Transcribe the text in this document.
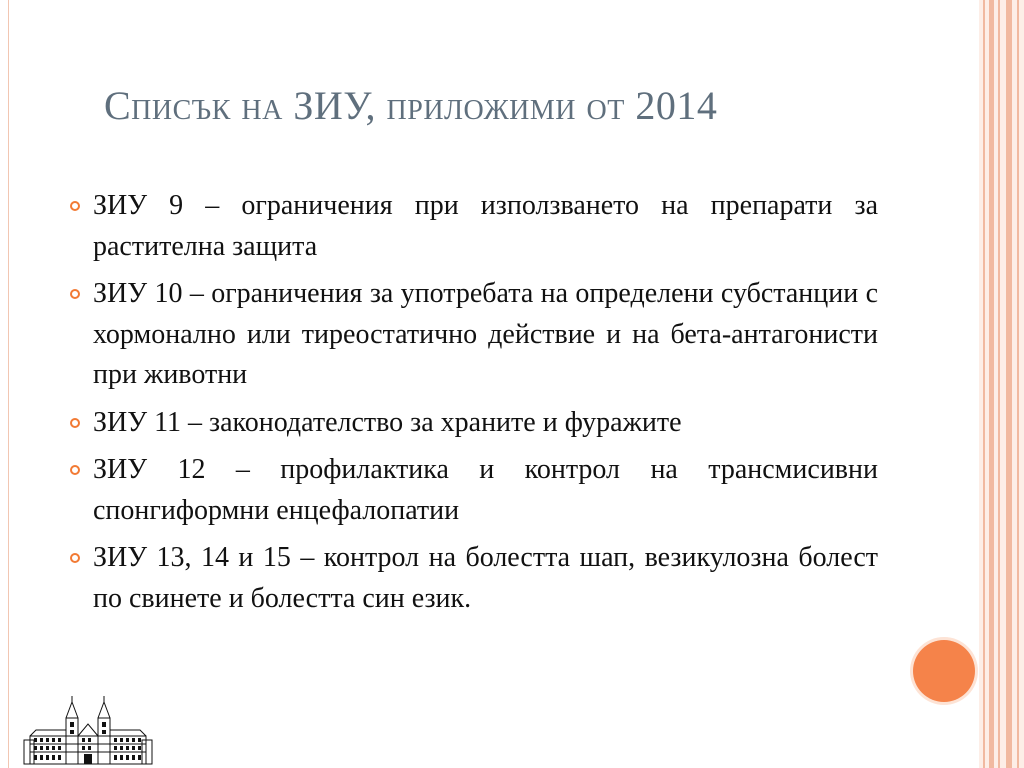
Списък на ЗИУ, приложими от 2014
ЗИУ 9 – ограничения при използването на препарати за растителна защита
ЗИУ 10 – ограничения за употребата на определени субстанции с хормонално или тиреостатично действие и на бета-антагонисти при животни
ЗИУ 11 – законодателство за храните и фуражите
ЗИУ 12 – профилактика и контрол на трансмисивни спонгиформни енцефалопатии
ЗИУ 13, 14 и 15 – контрол на болестта шап, везикулозна болест по свинете и болестта син език.
